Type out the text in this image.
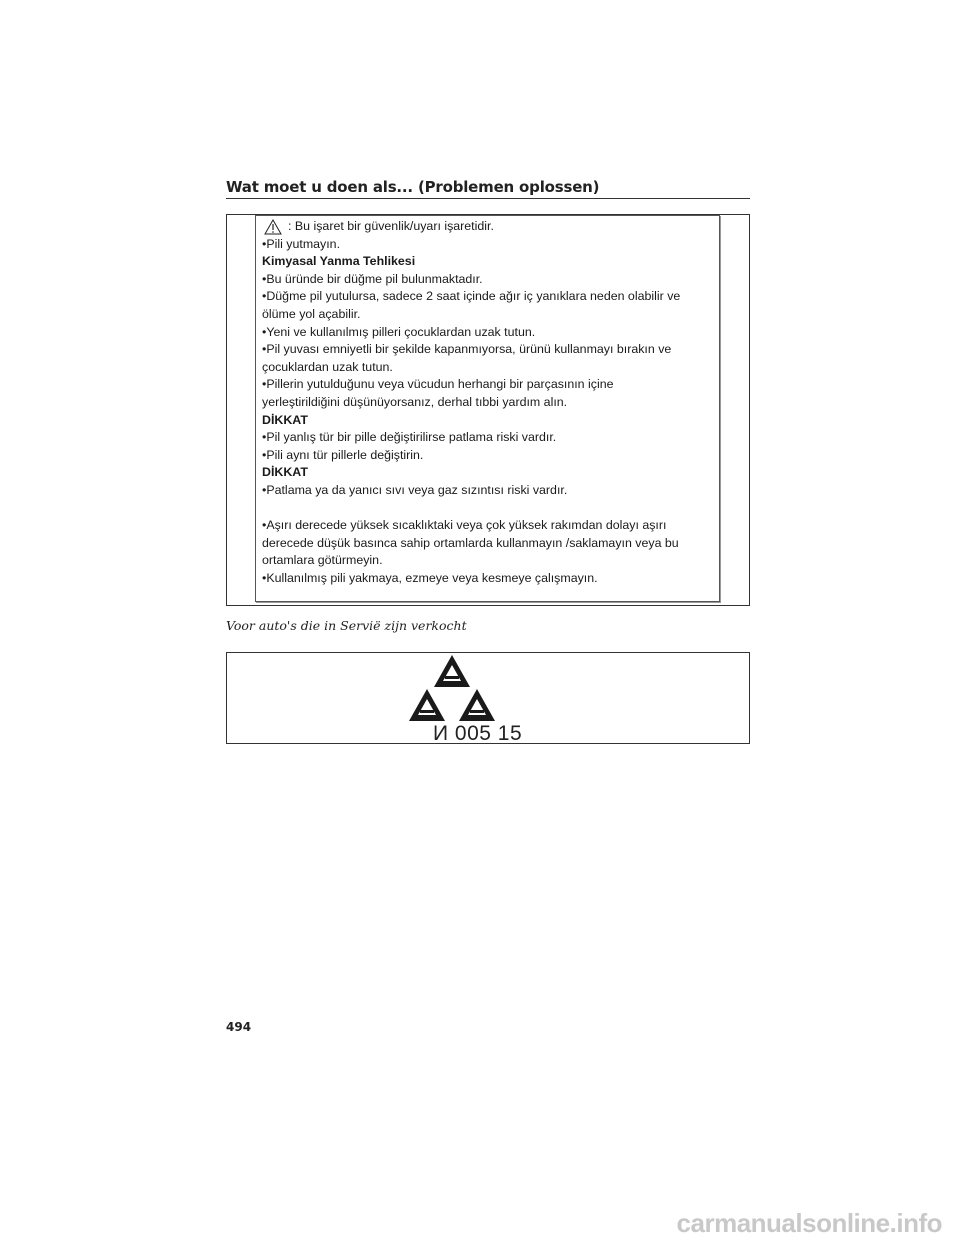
Wat moet u doen als... (Problemen oplossen)
: Bu işaret bir güvenlik/uyarı işaretidir.
•Pili yutmayın.
Kimyasal Yanma Tehlikesi
•Bu üründe bir düğme pil bulunmaktadır.
•Düğme pil yutulursa, sadece 2 saat içinde ağır iç yanıklara neden olabilir ve
ölüme yol açabilir.
•Yeni ve kullanılmış pilleri çocuklardan uzak tutun.
•Pil yuvası emniyetli bir şekilde kapanmıyorsa, ürünü kullanmayı bırakın ve
çocuklardan uzak tutun.
•Pillerin yutulduğunu veya vücudun herhangi bir parçasının içine
yerleştirildiğini düşünüyorsanız, derhal tıbbi yardım alın.
DİKKAT
•Pil yanlış tür bir pille değiştirilirse patlama riski vardır.
•Pili aynı tür pillerle değiştirin.
DİKKAT
•Patlama ya da yanıcı sıvı veya gaz sızıntısı riski vardır.
•Aşırı derecede yüksek sıcaklıktaki veya çok yüksek rakımdan dolayı aşırı
derecede düşük basınca sahip ortamlarda kullanmayın /saklamayın veya bu
ortamlara götürmeyin.
•Kullanılmış pili yakmaya, ezmeye veya kesmeye çalışmayın.
Voor auto's die in Servië zijn verkocht
И 005 15
494
carmanualsonline.info
